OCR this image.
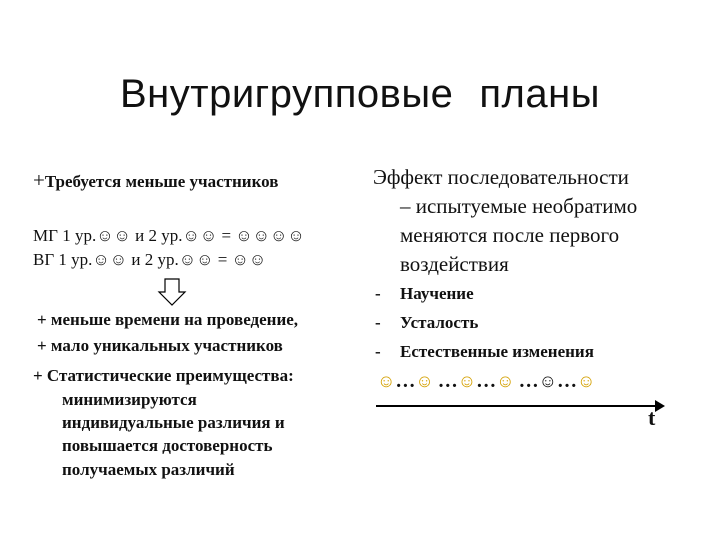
Внутригрупповые планы
+Требуется меньше участников
МГ 1 ур.☺☺ и 2 ур.☺☺ = ☺☺☺☺
ВГ 1 ур.☺☺ и 2 ур.☺☺ = ☺☺
+ меньше времени на проведение,
+ мало уникальных участников
+ Статистические преимущества:
минимизируются
индивидуальные различия и
повышается достоверность
получаемых различий
Эффект последовательности
– испытуемые необратимо
меняются после первого
воздействия
- Научение
- Усталость
- Естественные изменения
☺…☺ …☺…☺ …☺…☺
t
